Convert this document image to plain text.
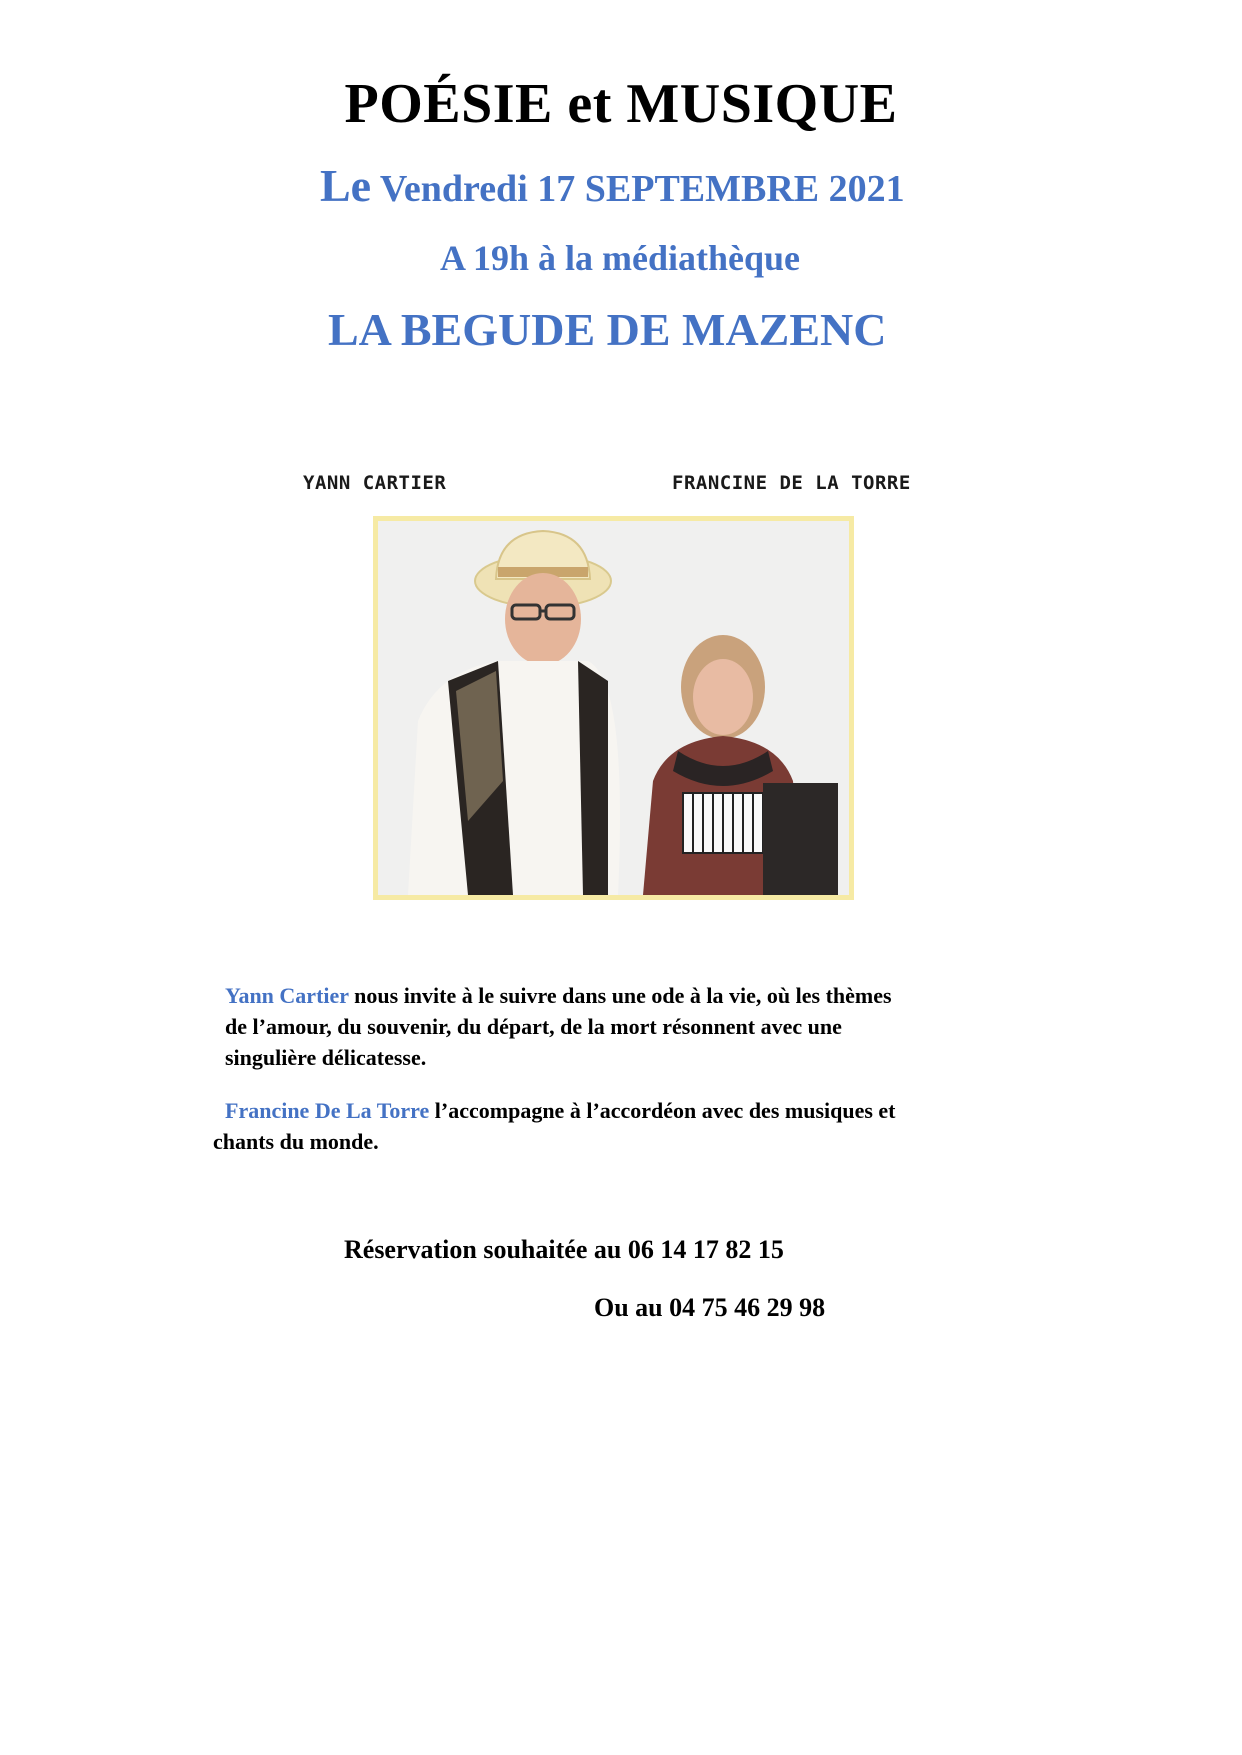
POÉSIE et MUSIQUE
Le Vendredi 17 SEPTEMBRE 2021
A 19h à la médiathèque
LA BEGUDE DE MAZENC
YANN CARTIER	FRANCINE DE LA TORRE
Yann Cartier nous invite à le suivre dans une ode à la vie, où les thèmes
de l’amour, du souvenir, du départ, de la mort résonnent avec une
singulière délicatesse.
Francine De La Torre l’accompagne à l’accordéon avec des musiques et
chants du monde.
Réservation souhaitée au 06 14 17 82 15
Ou au 04 75 46 29 98
